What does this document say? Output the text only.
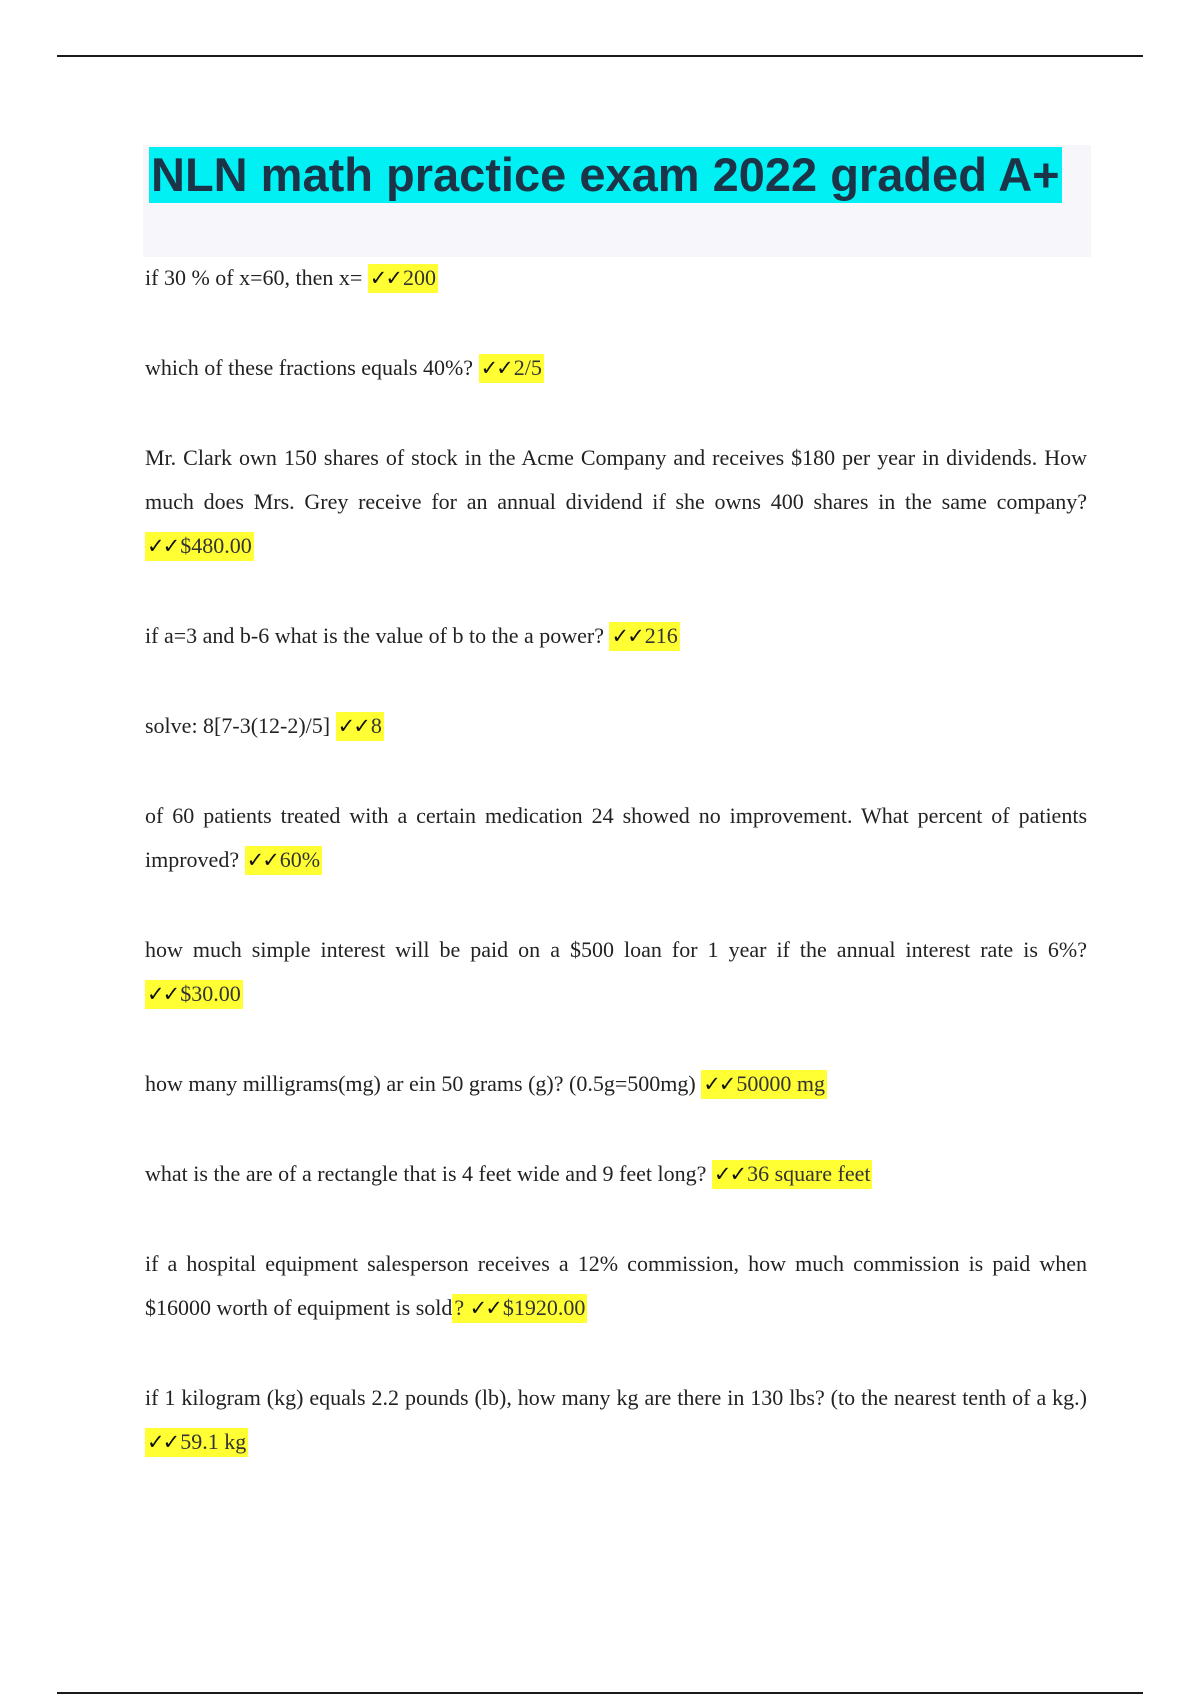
NLN math practice exam 2022 graded A+
if 30 % of x=60, then x= ✓✓200
which of these fractions equals 40%? ✓✓2/5
Mr. Clark own 150 shares of stock in the Acme Company and receives $180 per year in dividends. How much does Mrs. Grey receive for an annual dividend if she owns 400 shares in the same company? ✓✓$480.00
if a=3 and b-6 what is the value of b to the a power? ✓✓216
solve: 8[7-3(12-2)/5] ✓✓8
of 60 patients treated with a certain medication 24 showed no improvement. What percent of patients improved? ✓✓60%
how much simple interest will be paid on a $500 loan for 1 year if the annual interest rate is 6%? ✓✓$30.00
how many milligrams(mg) ar ein 50 grams (g)? (0.5g=500mg) ✓✓50000 mg
what is the are of a rectangle that is 4 feet wide and 9 feet long? ✓✓36 square feet
if a hospital equipment salesperson receives a 12% commission, how much commission is paid when $16000 worth of equipment is sold? ✓✓$1920.00
if 1 kilogram (kg) equals 2.2 pounds (lb), how many kg are there in 130 lbs? (to the nearest tenth of a kg.) ✓✓59.1 kg
